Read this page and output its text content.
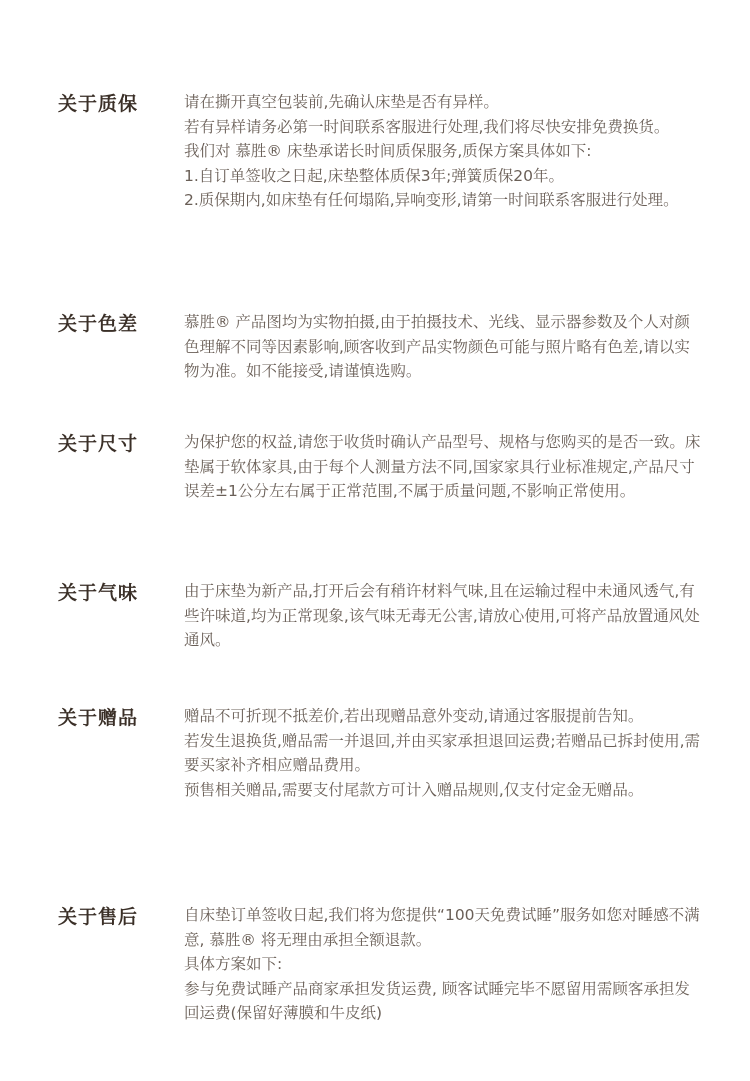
关于质保	请在撕开真空包装前,先确认床垫是否有异样。

若有异样请务必第一时间联系客服进行处理,我们将尽快安排免费换货。

我们对 慕胜® 床垫承诺长时间质保服务,质保方案具体如下:

1.自订单签收之日起,床垫整体质保3年;弹簧质保20年。

2.质保期内,如床垫有任何塌陷,异响变形,请第一时间联系客服进行处理。

关于色差	慕胜® 产品图均为实物拍摄,由于拍摄技术、光线、显示器参数及个人对颜色理解不同等因素影响,顾客收到产品实物颜色可能与照片略有色差,请以实物为准。如不能接受,请谨慎选购。

关于尺寸	为保护您的权益,请您于收货时确认产品型号、规格与您购买的是否一致。床垫属于软体家具,由于每个人测量方法不同,国家家具行业标准规定,产品尺寸误差±1公分左右属于正常范围,不属于质量问题,不影响正常使用。

关于气味	由于床垫为新产品,打开后会有稍许材料气味,且在运输过程中未通风透气,有些许味道,均为正常现象,该气味无毒无公害,请放心使用,可将产品放置通风处通风。

关于赠品	赠品不可折现不抵差价,若出现赠品意外变动,请通过客服提前告知。

若发生退换货,赠品需一并退回,并由买家承担退回运费;若赠品已拆封使用,需要买家补齐相应赠品费用。

预售相关赠品,需要支付尾款方可计入赠品规则,仅支付定金无赠品。

关于售后	自床垫订单签收日起,我们将为您提供“100天免费试睡”服务如您对睡感不满意, 慕胜® 将无理由承担全额退款。

具体方案如下:

参与免费试睡产品商家承担发货运费, 顾客试睡完毕不愿留用需顾客承担发回运费(保留好薄膜和牛皮纸)
